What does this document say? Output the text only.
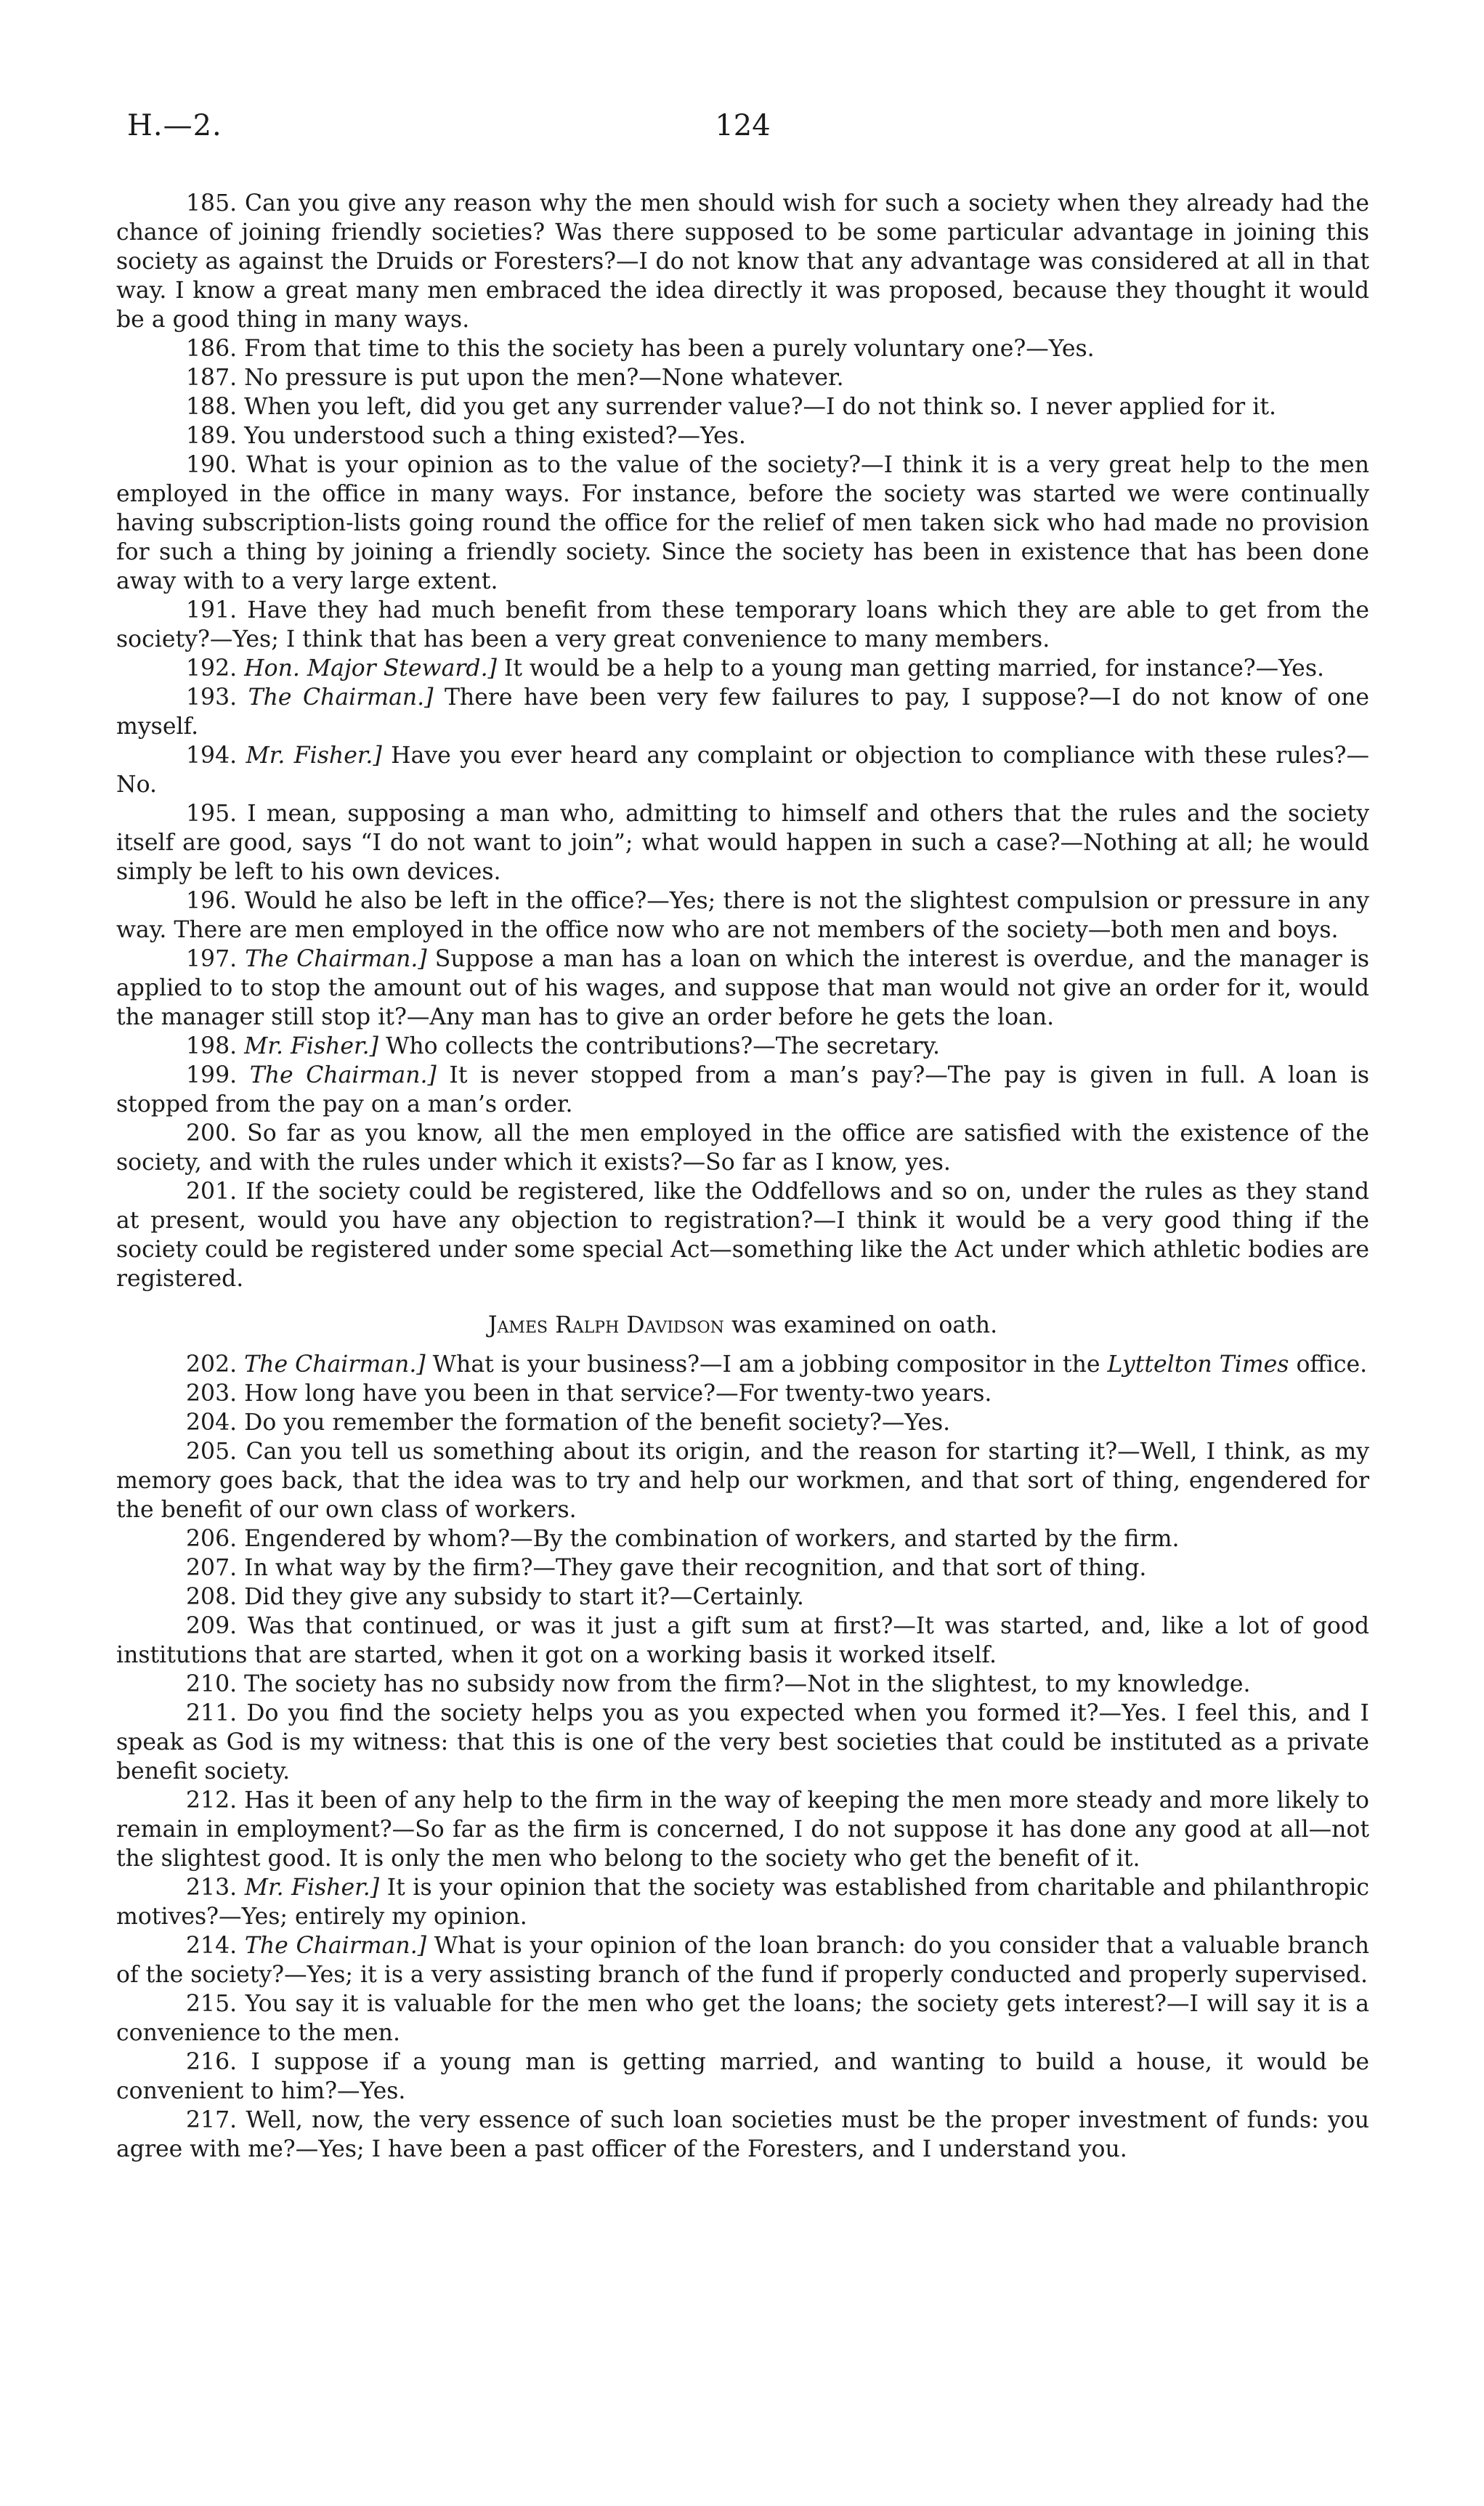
H.—2.	124

185. Can you give any reason why the men should wish for such a society when they already had the chance of joining friendly societies? Was there supposed to be some particular advantage in joining this society as against the Druids or Foresters?—I do not know that any advantage was considered at all in that way. I know a great many men embraced the idea directly it was proposed, because they thought it would be a good thing in many ways.

186. From that time to this the society has been a purely voluntary one?—Yes.

187. No pressure is put upon the men?—None whatever.

188. When you left, did you get any surrender value?—I do not think so. I never applied for it.

189. You understood such a thing existed?—Yes.

190. What is your opinion as to the value of the society?—I think it is a very great help to the men employed in the office in many ways. For instance, before the society was started we were continually having subscription-lists going round the office for the relief of men taken sick who had made no provision for such a thing by joining a friendly society. Since the society has been in existence that has been done away with to a very large extent.

191. Have they had much benefit from these temporary loans which they are able to get from the society?—Yes; I think that has been a very great convenience to many members.

192. Hon. Major Steward.] It would be a help to a young man getting married, for instance?—Yes.

193. The Chairman.] There have been very few failures to pay, I suppose?—I do not know of one myself.

194. Mr. Fisher.] Have you ever heard any complaint or objection to compliance with these rules?—No.

195. I mean, supposing a man who, admitting to himself and others that the rules and the society itself are good, says “I do not want to join”; what would happen in such a case?—Nothing at all; he would simply be left to his own devices.

196. Would he also be left in the office?—Yes; there is not the slightest compulsion or pressure in any way. There are men employed in the office now who are not members of the society—both men and boys.

197. The Chairman.] Suppose a man has a loan on which the interest is overdue, and the manager is applied to to stop the amount out of his wages, and suppose that man would not give an order for it, would the manager still stop it?—Any man has to give an order before he gets the loan.

198. Mr. Fisher.] Who collects the contributions?—The secretary.

199. The Chairman.] It is never stopped from a man’s pay?—The pay is given in full. A loan is stopped from the pay on a man’s order.

200. So far as you know, all the men employed in the office are satisfied with the existence of the society, and with the rules under which it exists?—So far as I know, yes.

201. If the society could be registered, like the Oddfellows and so on, under the rules as they stand at present, would you have any objection to registration?—I think it would be a very good thing if the society could be registered under some special Act—something like the Act under which athletic bodies are registered.

James Ralph Davidson was examined on oath.

202. The Chairman.] What is your business?—I am a jobbing compositor in the Lyttelton Times office.

203. How long have you been in that service?—For twenty-two years.

204. Do you remember the formation of the benefit society?—Yes.

205. Can you tell us something about its origin, and the reason for starting it?—Well, I think, as my memory goes back, that the idea was to try and help our workmen, and that sort of thing, engendered for the benefit of our own class of workers.

206. Engendered by whom?—By the combination of workers, and started by the firm.

207. In what way by the firm?—They gave their recognition, and that sort of thing.

208. Did they give any subsidy to start it?—Certainly.

209. Was that continued, or was it just a gift sum at first?—It was started, and, like a lot of good institutions that are started, when it got on a working basis it worked itself.

210. The society has no subsidy now from the firm?—Not in the slightest, to my knowledge.

211. Do you find the society helps you as you expected when you formed it?—Yes. I feel this, and I speak as God is my witness: that this is one of the very best societies that could be instituted as a private benefit society.

212. Has it been of any help to the firm in the way of keeping the men more steady and more likely to remain in employment?—So far as the firm is concerned, I do not suppose it has done any good at all—not the slightest good. It is only the men who belong to the society who get the benefit of it.

213. Mr. Fisher.] It is your opinion that the society was established from charitable and philanthropic motives?—Yes; entirely my opinion.

214. The Chairman.] What is your opinion of the loan branch: do you consider that a valuable branch of the society?—Yes; it is a very assisting branch of the fund if properly conducted and properly supervised.

215. You say it is valuable for the men who get the loans; the society gets interest?—I will say it is a convenience to the men.

216. I suppose if a young man is getting married, and wanting to build a house, it would be convenient to him?—Yes.

217. Well, now, the very essence of such loan societies must be the proper investment of funds: you agree with me?—Yes; I have been a past officer of the Foresters, and I understand you.
